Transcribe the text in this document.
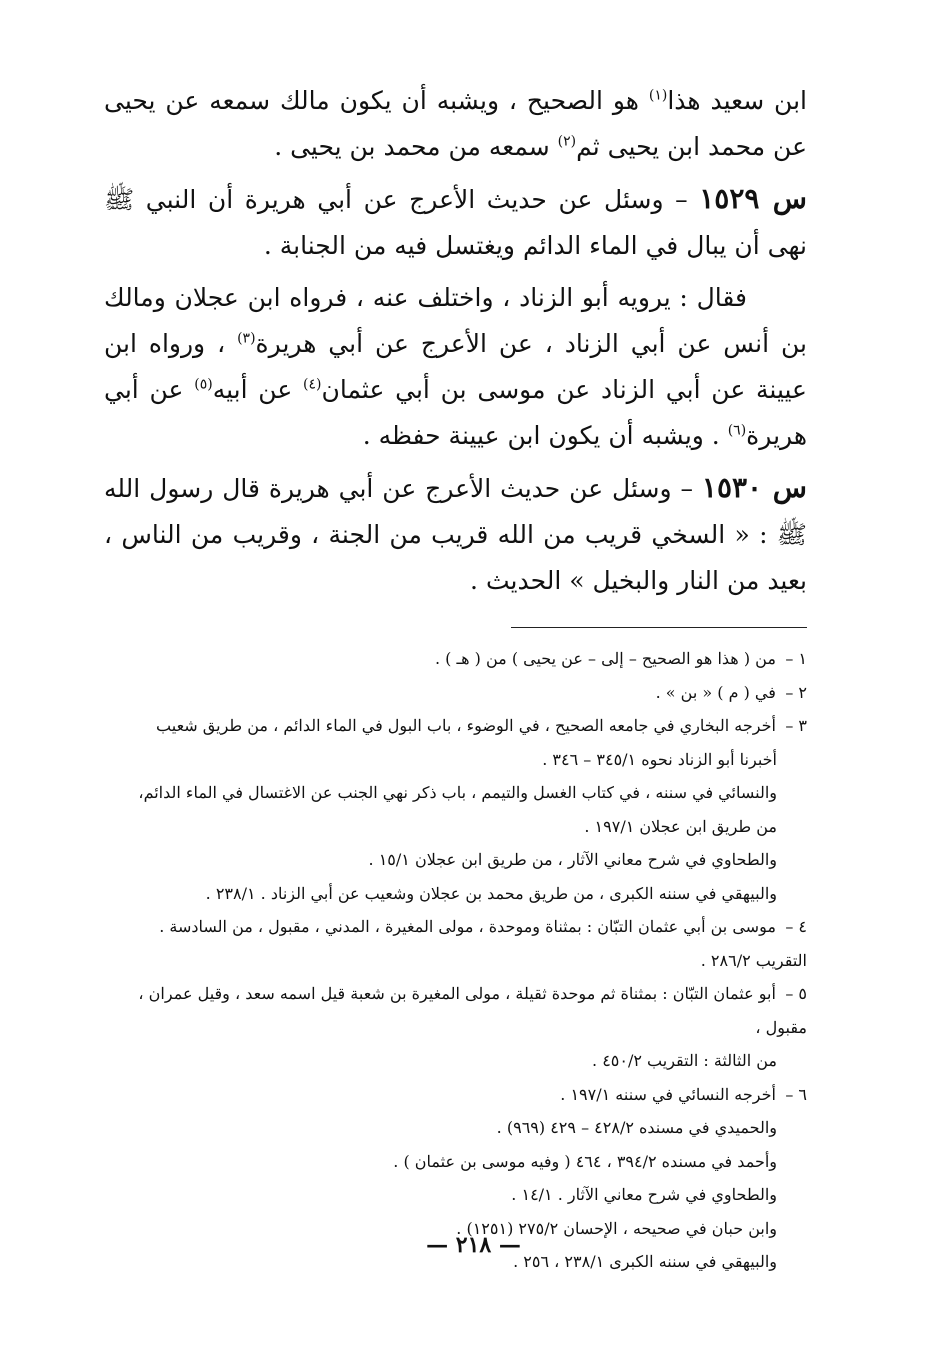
ابن سعيد هذا$^{(١)}$ هو الصحيح ، ويشبه أن يكون مالك سمعه عن يحيى عن محمد ابن يحيى ثم$^{(٢)}$ سمعه من محمد بن يحيى .

س ١٥٢٩ – وسئل عن حديث الأعرج عن أبي هريرة أن النبي ﷺ نهى أن يبال في الماء الدائم ويغتسل فيه من الجنابة .

فقال : يرويه أبو الزناد ، واختلف عنه ، فرواه ابن عجلان ومالك بن أنس عن أبي الزناد ، عن الأعرج عن أبي هريرة$^{(٣)}$ ، ورواه ابن عيينة عن أبي الزناد عن موسى بن أبي عثمان$^{(٤)}$ عن أبيه$^{(٥)}$ عن أبي هريرة$^{(٦)}$ . ويشبه أن يكون ابن عيينة حفظه .

س ١٥٣٠ – وسئل عن حديث الأعرج عن أبي هريرة قال رسول الله ﷺ : « السخي قريب من الله قريب من الجنة ، وقريب من الناس ، بعيد من النار والبخيل » الحديث .

١ – من ( هذا هو الصحيح – إلى – عن يحيى ) من ( هـ ) .

٢ – في ( م ) « بن » .

٣ – أخرجه البخاري في جامعه الصحيح ، في الوضوء ، باب البول في الماء الدائم ، من طريق شعيب

أخبرنا أبو الزناد نحوه ٣٤٥/١ – ٣٤٦ .

والنسائي في سننه ، في كتاب الغسل والتيمم ، باب ذكر نهي الجنب عن الاغتسال في الماء الدائم،

من طريق ابن عجلان ١٩٧/١ .

والطحاوي في شرح معاني الآثار ، من طريق ابن عجلان ١٥/١ .

والبيهقي في سننه الكبرى ، من طريق محمد بن عجلان وشعيب عن أبي الزناد . ٢٣٨/١ .

٤ – موسى بن أبي عثمان التبّان : بمثناة وموحدة ، مولى المغيرة ، المدني ، مقبول ، من السادسة . التقريب ٢٨٦/٢ .

٥ – أبو عثمان التبّان : بمثناة ثم موحدة ثقيلة ، مولى المغيرة بن شعبة قيل اسمه سعد ، وقيل عمران ، مقبول ،

من الثالثة : التقريب ٤٥٠/٢ .

٦ – أخرجه النسائي في سننه ١٩٧/١ .

والحميدي في مسنده ٤٢٨/٢ – ٤٢٩ (٩٦٩) .

وأحمد في مسنده ٣٩٤/٢ ، ٤٦٤ ( وفيه موسى بن عثمان ) .

والطحاوي في شرح معاني الآثار . ١٤/١ .

وابن حبان في صحيحه ، الإحسان ٢٧٥/٢ (١٢٥١) .

والبيهقي في سننه الكبرى ٢٣٨/١ ، ٢٥٦ .

— ٢١٨ —
